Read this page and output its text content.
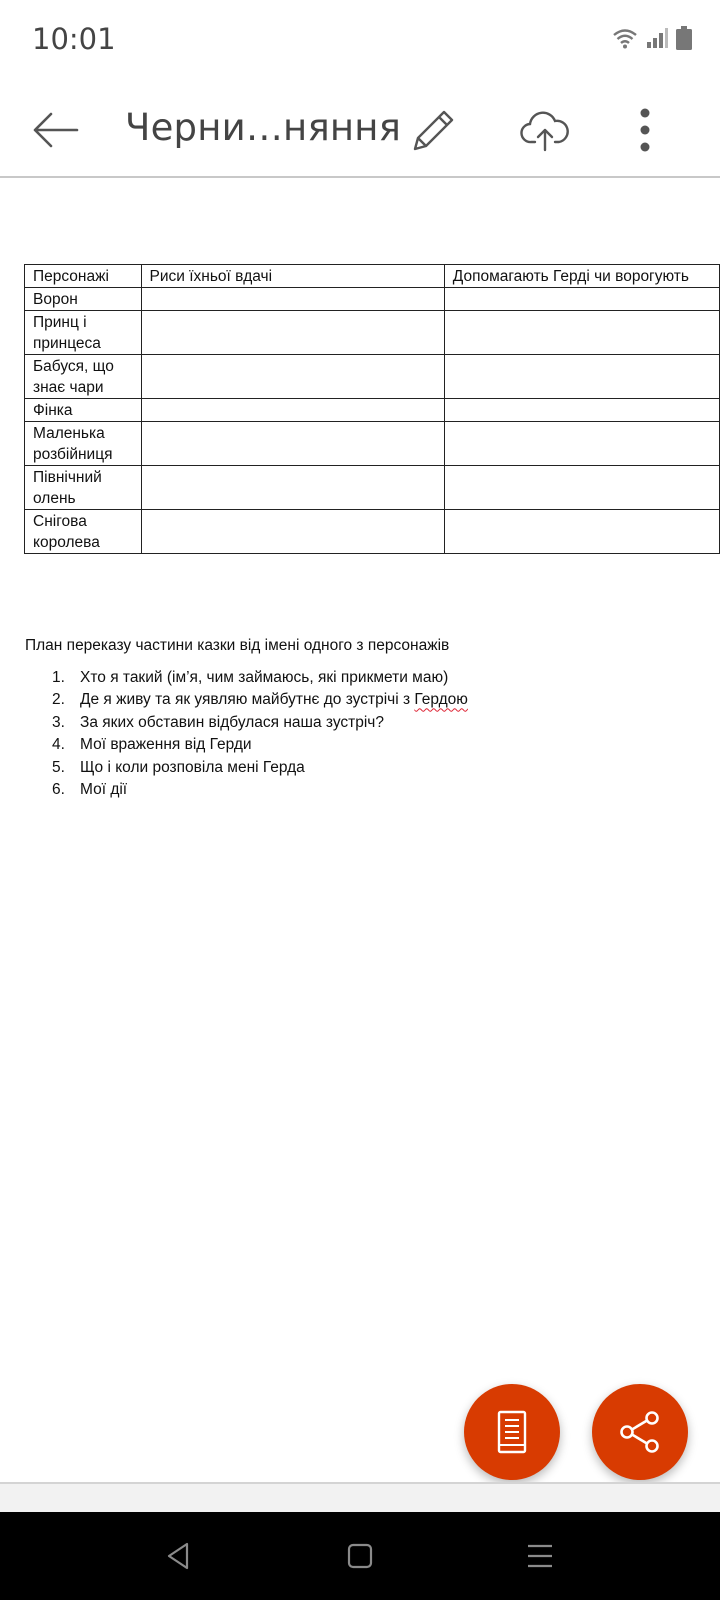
10:01
Черни…няння
Персонажі	Риси їхньої вдачі	Допомагають Герді чи ворогують
Ворон		
Принц і принцеса		
Бабуся, що знає чари		
Фінка		
Маленька розбійниця		
Північний олень		
Снігова королева		
План переказу частини казки від імені одного з персонажів
1. Хто я такий (ім’я, чим займаюсь, які прикмети маю)
2. Де я живу та як уявляю майбутнє до зустрічі з Гердою
3. За яких обставин відбулася наша зустріч?
4. Мої враження від Герди
5. Що і коли розповіла мені Герда
6. Мої дії
